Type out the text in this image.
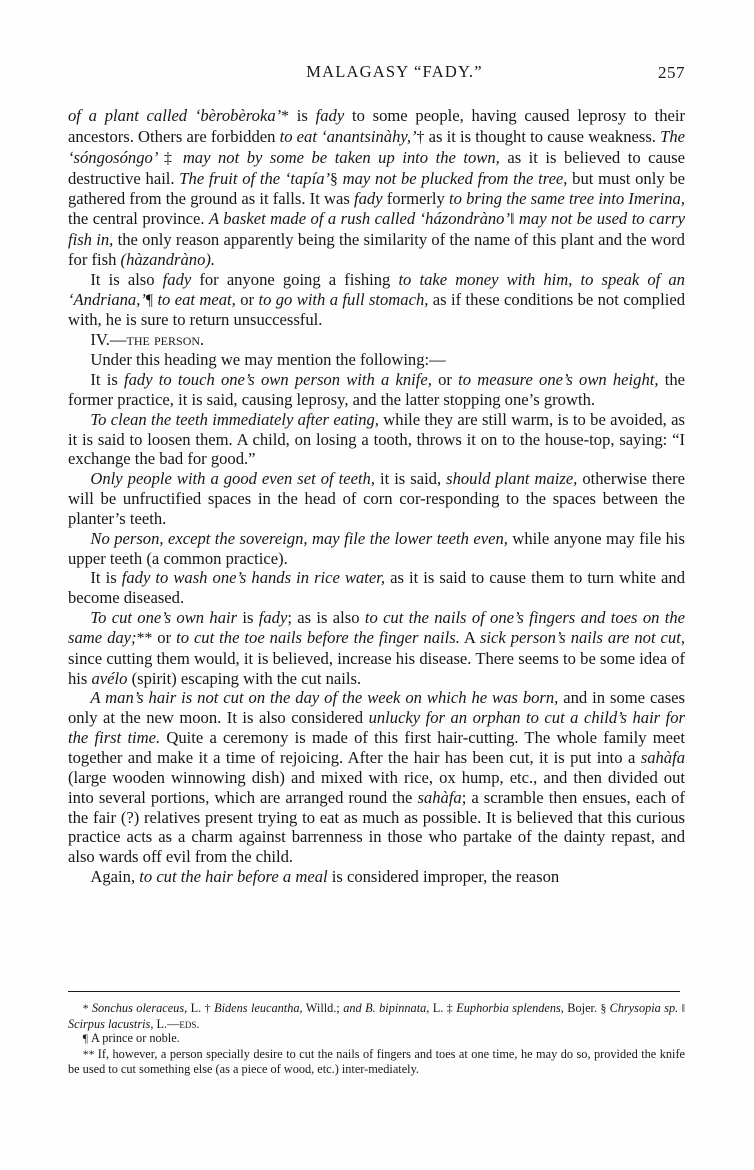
MALAGASY “FADY.”	257

of a plant called ‘bèrobèroka’* is fady to some people, having caused leprosy to their ancestors. Others are forbidden to eat ‘anantsinàhy,’† as it is thought to cause weakness. The ‘sóngosóngo’ ‡ may not by some be taken up into the town, as it is believed to cause destructive hail. The fruit of the ‘tapía’§ may not be plucked from the tree, but must only be gathered from the ground as it falls. It was fady formerly to bring the same tree into Imerina, the central province. A basket made of a rush called ‘házondràno’‖ may not be used to carry fish in, the only reason apparently being the similarity of the name of this plant and the word for fish (hàzandràno).

It is also fady for anyone going a fishing to take money with him, to speak of an ‘Andriana,’¶ to eat meat, or to go with a full stomach, as if these conditions be not complied with, he is sure to return unsuccessful.

IV.—the person.

Under this heading we may mention the following:—

It is fady to touch one’s own person with a knife, or to measure one’s own height, the former practice, it is said, causing leprosy, and the latter stopping one’s growth.

To clean the teeth immediately after eating, while they are still warm, is to be avoided, as it is said to loosen them. A child, on losing a tooth, throws it on to the house-top, saying: “I exchange the bad for good.”

Only people with a good even set of teeth, it is said, should plant maize, otherwise there will be unfructified spaces in the head of corn cor-responding to the spaces between the planter’s teeth.

No person, except the sovereign, may file the lower teeth even, while anyone may file his upper teeth (a common practice).

It is fady to wash one’s hands in rice water, as it is said to cause them to turn white and become diseased.

To cut one’s own hair is fady; as is also to cut the nails of one’s fingers and toes on the same day;** or to cut the toe nails before the finger nails. A sick person’s nails are not cut, since cutting them would, it is believed, increase his disease. There seems to be some idea of his avélo (spirit) escaping with the cut nails.

A man’s hair is not cut on the day of the week on which he was born, and in some cases only at the new moon. It is also considered unlucky for an orphan to cut a child’s hair for the first time. Quite a ceremony is made of this first hair-cutting. The whole family meet together and make it a time of rejoicing. After the hair has been cut, it is put into a sahàfa (large wooden winnowing dish) and mixed with rice, ox hump, etc., and then divided out into several portions, which are arranged round the sahàfa; a scramble then ensues, each of the fair (?) relatives present trying to eat as much as possible. It is believed that this curious practice acts as a charm against barrenness in those who partake of the dainty repast, and also wards off evil from the child.

Again, to cut the hair before a meal is considered improper, the reason

* Sonchus oleraceus, L. † Bidens leucantha, Willd.; and B. bipinnata, L. ‡ Euphorbia splendens, Bojer. § Chrysopia sp. ‖ Scirpus lacustris, L.—eds.

¶ A prince or noble.

** If, however, a person specially desire to cut the nails of fingers and toes at one time, he may do so, provided the knife be used to cut something else (as a piece of wood, etc.) inter-mediately.
